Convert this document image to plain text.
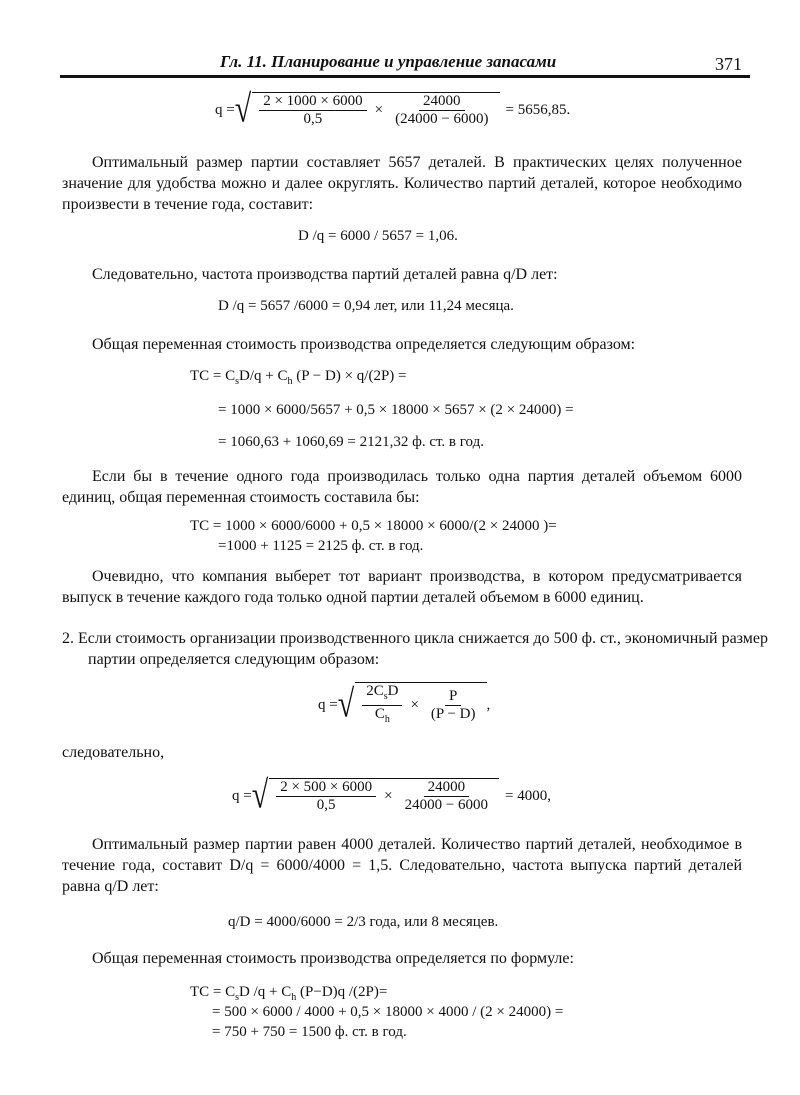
Гл. 11. Планирование и управление запасами	371
q = √ $\frac{2 \times 1000 \times 6000}{0,5} \times \frac{24000}{(24000 - 6000)} = 5656,85$.
Оптимальный размер партии составляет 5657 деталей. В практических целях полученное значение для удобства можно и далее округлять. Количество партий деталей, которое необходимо произвести в течение года, составит:
D /q = 6000 / 5657 = 1,06.
Следовательно, частота производства партий деталей равна q/D лет:
D /q = 5657 /6000 = 0,94 лет, или 11,24 месяца.
Общая переменная стоимость производства определяется следующим образом:
TC = $C_sD/q + C_h$ (P − D) × q/(2P) =
= 1000 × 6000/5657 + 0,5 × 18000 × 5657 × (2 × 24000) =
= 1060,63 + 1060,69 = 2121,32 ф. ст. в год.
Если бы в течение одного года производилась только одна партия деталей объемом 6000 единиц, общая переменная стоимость составила бы:
TC = 1000 × 6000/6000 + 0,5 × 18000 × 6000/(2 × 24000 )=
=1000 + 1125 = 2125 ф. ст. в год.
Очевидно, что компания выберет тот вариант производства, в котором предусматривается выпуск в течение каждого года только одной партии деталей объемом в 6000 единиц.
2. Если стоимость организации производственного цикла снижается до 500 ф. ст., экономичный размер партии определяется следующим образом:
q = √ $\frac{2C_sD}{C_h} \times \frac{P}{(P - D)}$ ,
следовательно,
q = √ $\frac{2 \times 500 \times 6000}{0,5} \times \frac{24000}{24000 - 6000} = 4000$,
Оптимальный размер партии равен 4000 деталей. Количество партий деталей, необходимое в течение года, составит D/q = 6000/4000 = 1,5. Следовательно, частота выпуска партий деталей равна q/D лет:
q/D = 4000/6000 = 2/3 года, или 8 месяцев.
Общая переменная стоимость производства определяется по формуле:
TC = $C_sD$ $/q + C_h$ (P−D)q /(2P)=
= 500 × 6000 / 4000 + 0,5 × 18000 × 4000 / (2 × 24000) =
= 750 + 750 = 1500 ф. ст. в год.
